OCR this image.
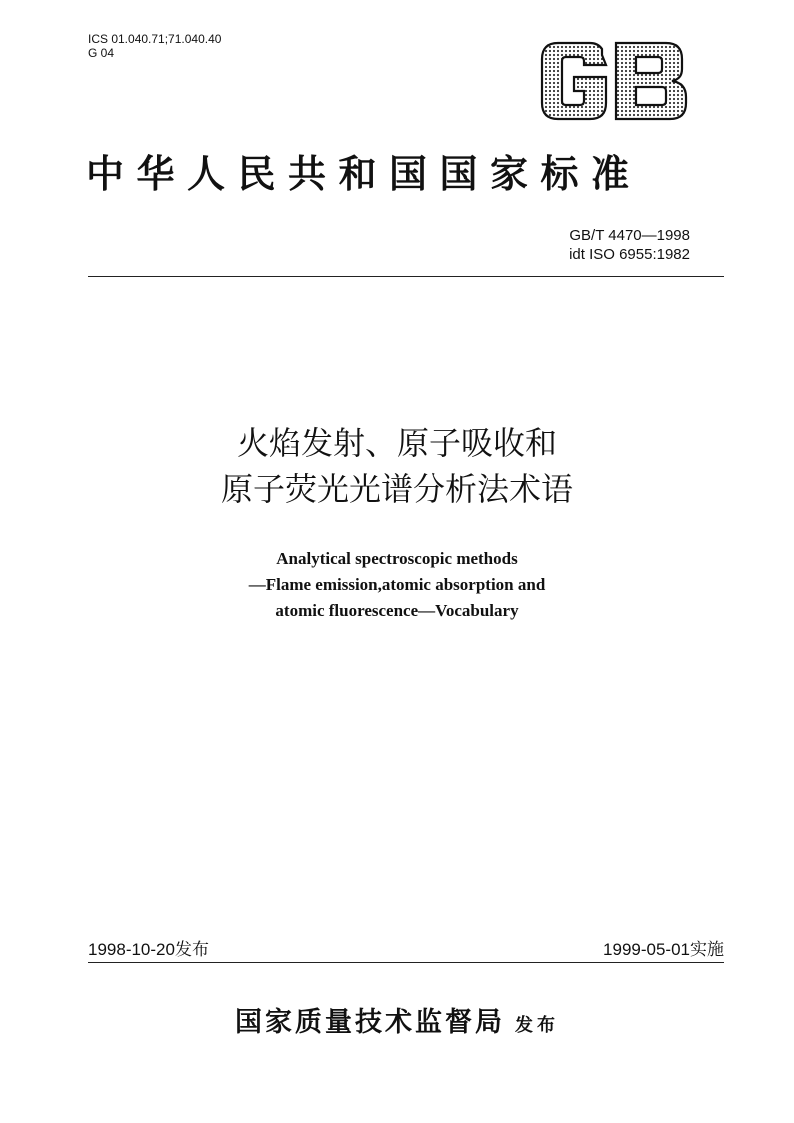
ICS 01.040.71;71.040.40
G 04
中华人民共和国国家标准
GB/T 4470—1998
idt ISO 6955:1982
火焰发射、原子吸收和
原子荧光光谱分析法术语
Analytical spectroscopic methods
—Flame emission,atomic absorption and
atomic fluorescence—Vocabulary
1998-10-20发布	1999-05-01实施
国家质量技术监督局 发布
